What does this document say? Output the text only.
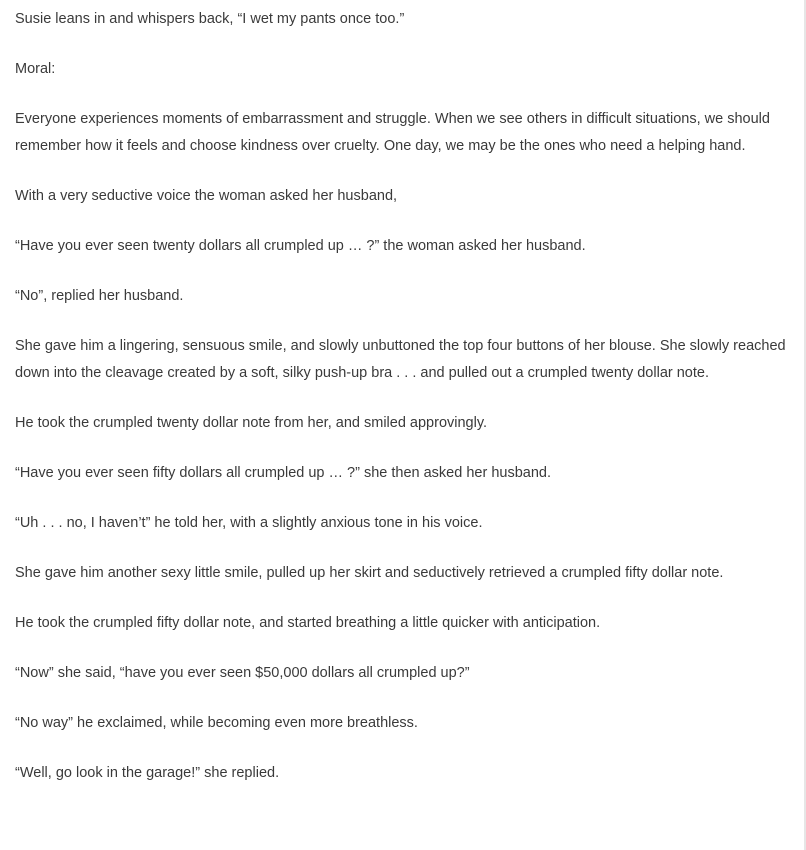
Susie leans in and whispers back, “I wet my pants once too.”

Moral:

Everyone experiences moments of embarrassment and struggle. When we see others in difficult situations, we should remember how it feels and choose kindness over cruelty. One day, we may be the ones who need a helping hand.

With a very seductive voice the woman asked her husband,

“Have you ever seen twenty dollars all crumpled up … ?” the woman asked her husband.

“No”, replied her husband.

She gave him a lingering, sensuous smile, and slowly unbuttoned the top four buttons of her blouse. She slowly reached down into the cleavage created by a soft, silky push-up bra . . . and pulled out a crumpled twenty dollar note.

He took the crumpled twenty dollar note from her, and smiled approvingly.

“Have you ever seen fifty dollars all crumpled up … ?” she then asked her husband.

“Uh . . . no, I haven’t” he told her, with a slightly anxious tone in his voice.

She gave him another sexy little smile, pulled up her skirt and seductively retrieved a crumpled fifty dollar note.

He took the crumpled fifty dollar note, and started breathing a little quicker with anticipation.

“Now” she said, “have you ever seen $50,000 dollars all crumpled up?”

“No way” he exclaimed, while becoming even more breathless.

“Well, go look in the garage!” she replied.
